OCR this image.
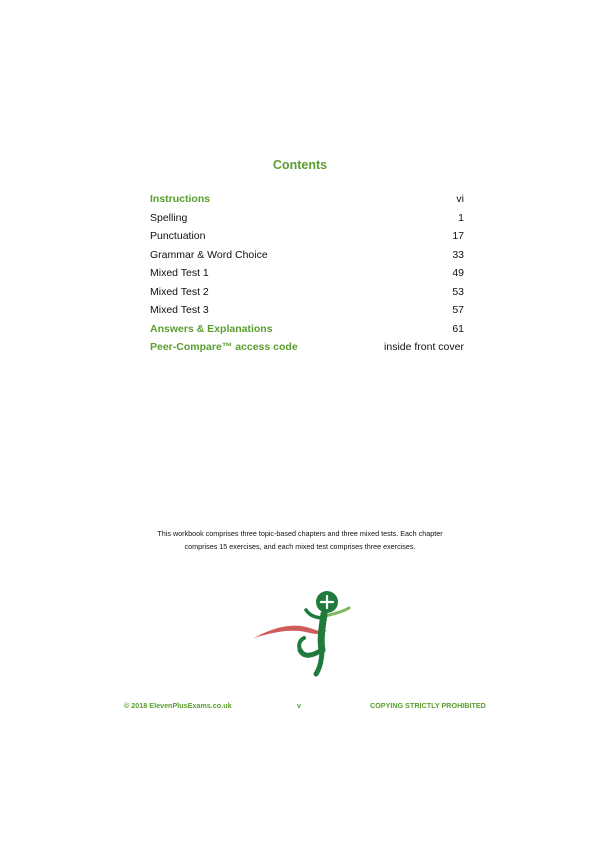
Contents
Instructions	vi
Spelling	1
Punctuation	17
Grammar & Word Choice	33
Mixed Test 1	49
Mixed Test 2	53
Mixed Test 3	57
Answers & Explanations	61
Peer-Compare™ access code	inside front cover
This workbook comprises three topic-based chapters and three mixed tests. Each chapter
comprises 15 exercises, and each mixed test comprises three exercises.
© 2018 ElevenPlusExams.co.uk	v	COPYING STRICTLY PROHIBITED
